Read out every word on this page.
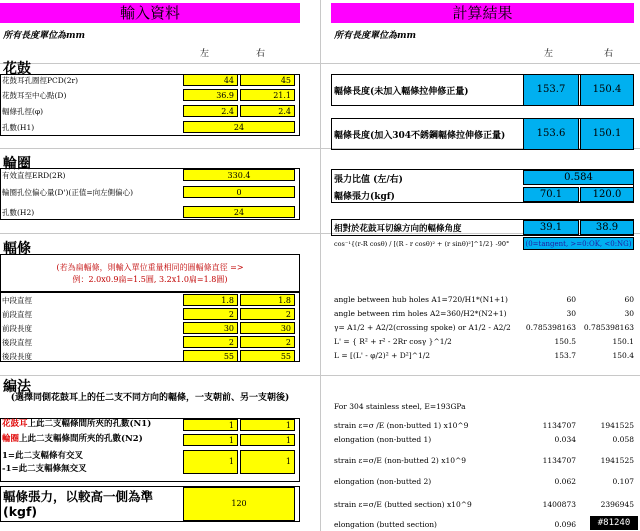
輸入資料	計算結果
所有長度單位為mm	所有長度單位為mm
左	右	左	右
花鼓
花鼓耳孔圈徑PCD(2r)	44	45
花鼓耳至中心點(D)	36.9	21.1
輻條孔徑(φ)	2.4	2.4
孔數(H1)	24
輪圈
有效直徑ERD(2R)	330.4
輪圈孔位偏心量(D')(正值=向左側偏心)	0
孔數(H2)	24
輻條
(若為扁輻條，則輸入單位重量相同的圓輻條直徑 =>
例：2.0x0.9扁=1.5圓, 3.2x1.0扁=1.8圓)
中段直徑	1.8	1.8
前段直徑	2	2
前段長度	30	30
後段直徑	2	2
後段長度	55	55
編法
(選擇同側花鼓耳上的任二支不同方向的輻條，一支朝前、另一支朝後)
花鼓耳上此二支輻條間所夾的孔數(N1)	1	1
輪圈上此二支輻條間所夾的孔數(N2)	1	1
1=此二支輻條有交叉
-1=此二支輻條無交叉
1	1
輻條張力，以較高一側為準(kgf)
120
輻條長度(未加入輻條拉伸修正量)	153.7	150.4
輻條長度(加入304不銹鋼輻條拉伸修正量)	153.6	150.1
張力比值 (左/右)	0.584
輻條張力(kgf)	70.1	120.0
相對於花鼓耳切線方向的輻條角度	39.1	38.9
cos⁻¹{(r-R cosθ) / [(R - r cosθ)² + (r sinθ)²]^1/2} -90°	(0=tangent, >=0:OK, <0:NG)
angle between hub holes A1=720/H1*(N1+1)	60	60
angle between rim holes A2=360/H2*(N2+1)	30	30
γ= A1/2 + A2/2(crossing spoke) or A1/2 - A2/2	0.785398163	0.785398163
L' = { R² + r² - 2Rr cosγ }^1/2	150.5	150.1
L = [(L' - φ/2)² + D²]^1/2	153.7	150.4
For 304 stainless steel, E=193GPa
strain ε=σ /E (non-butted 1) x10^9	1134707	1941525
elongation (non-butted 1)	0.034	0.058
strain ε=σ/E (non-butted 2) x10^9	1134707	1941525
elongation (non-butted 2)	0.062	0.107
strain ε=σ/E (butted section) x10^9	1400873	2396945
elongation (butted section)	0.096	#81240
